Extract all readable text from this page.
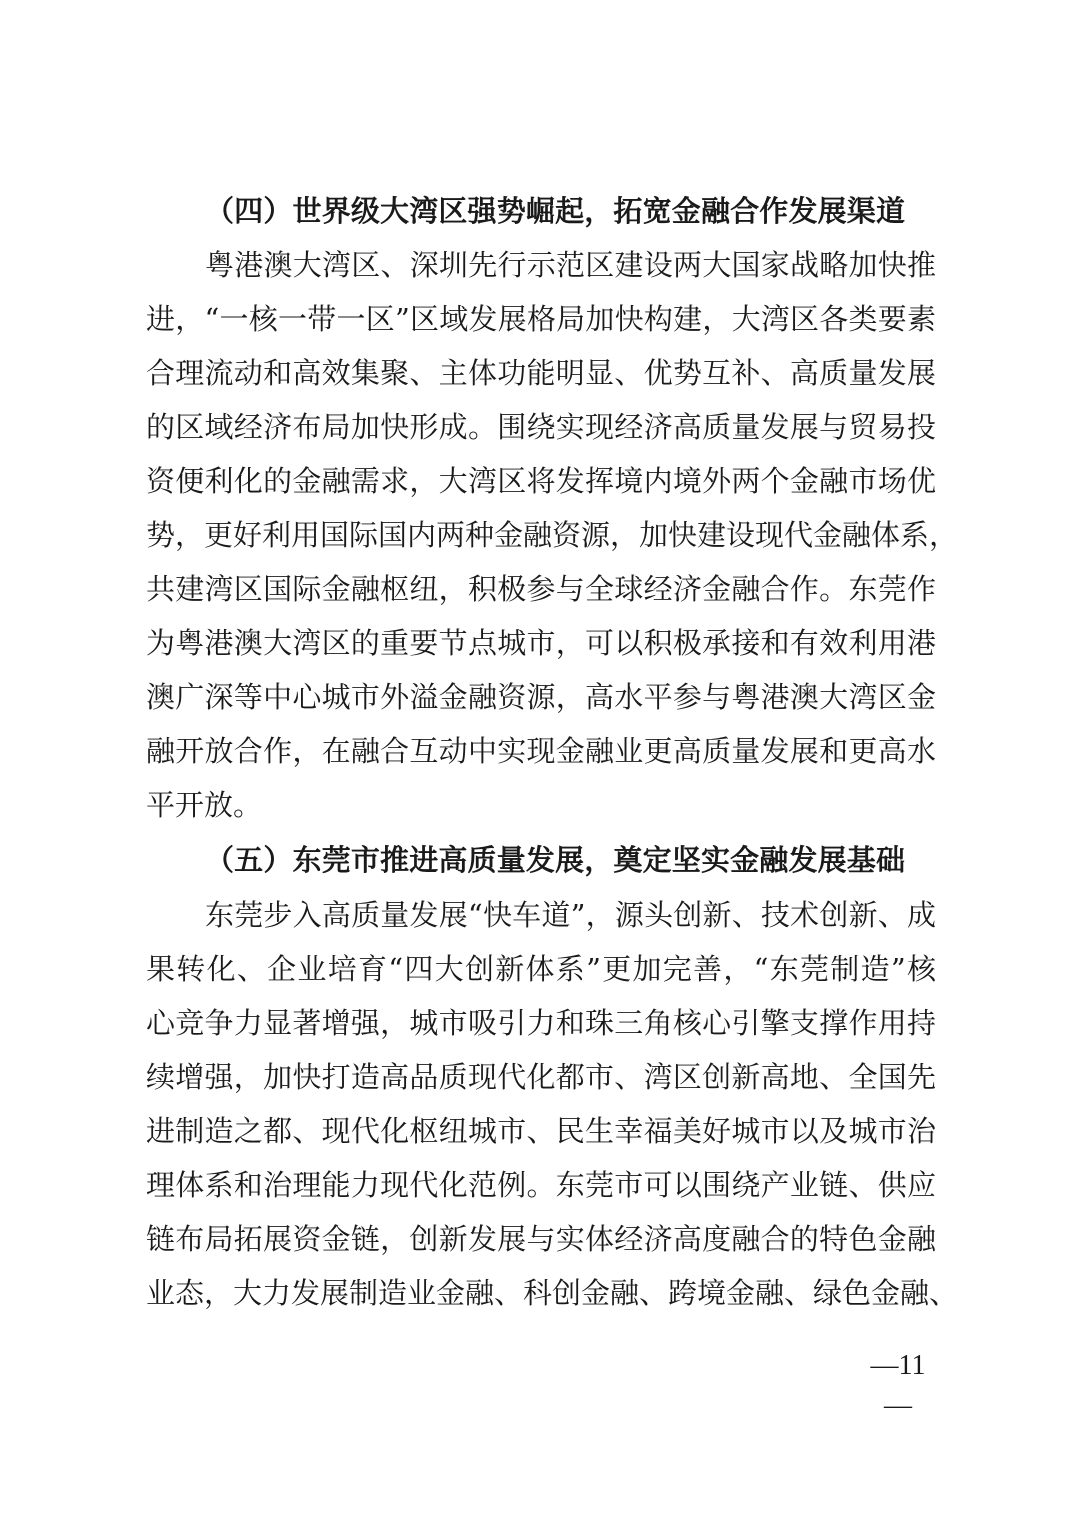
（四）世界级大湾区强势崛起，拓宽金融合作发展渠道
粤港澳大湾区、深圳先行示范区建设两大国家战略加快推
进，“一核一带一区”区域发展格局加快构建，大湾区各类要素
合理流动和高效集聚、主体功能明显、优势互补、高质量发展
的区域经济布局加快形成。围绕实现经济高质量发展与贸易投
资便利化的金融需求，大湾区将发挥境内境外两个金融市场优
势，更好利用国际国内两种金融资源，加快建设现代金融体系，
共建湾区国际金融枢纽，积极参与全球经济金融合作。东莞作
为粤港澳大湾区的重要节点城市，可以积极承接和有效利用港
澳广深等中心城市外溢金融资源，高水平参与粤港澳大湾区金
融开放合作，在融合互动中实现金融业更高质量发展和更高水
平开放。
（五）东莞市推进高质量发展，奠定坚实金融发展基础
东莞步入高质量发展“快车道”，源头创新、技术创新、成
果转化、企业培育“四大创新体系”更加完善，“东莞制造”核
心竞争力显著增强，城市吸引力和珠三角核心引擎支撑作用持
续增强，加快打造高品质现代化都市、湾区创新高地、全国先
进制造之都、现代化枢纽城市、民生幸福美好城市以及城市治
理体系和治理能力现代化范例。东莞市可以围绕产业链、供应
链布局拓展资金链，创新发展与实体经济高度融合的特色金融
业态，大力发展制造业金融、科创金融、跨境金融、绿色金融、
—11—
